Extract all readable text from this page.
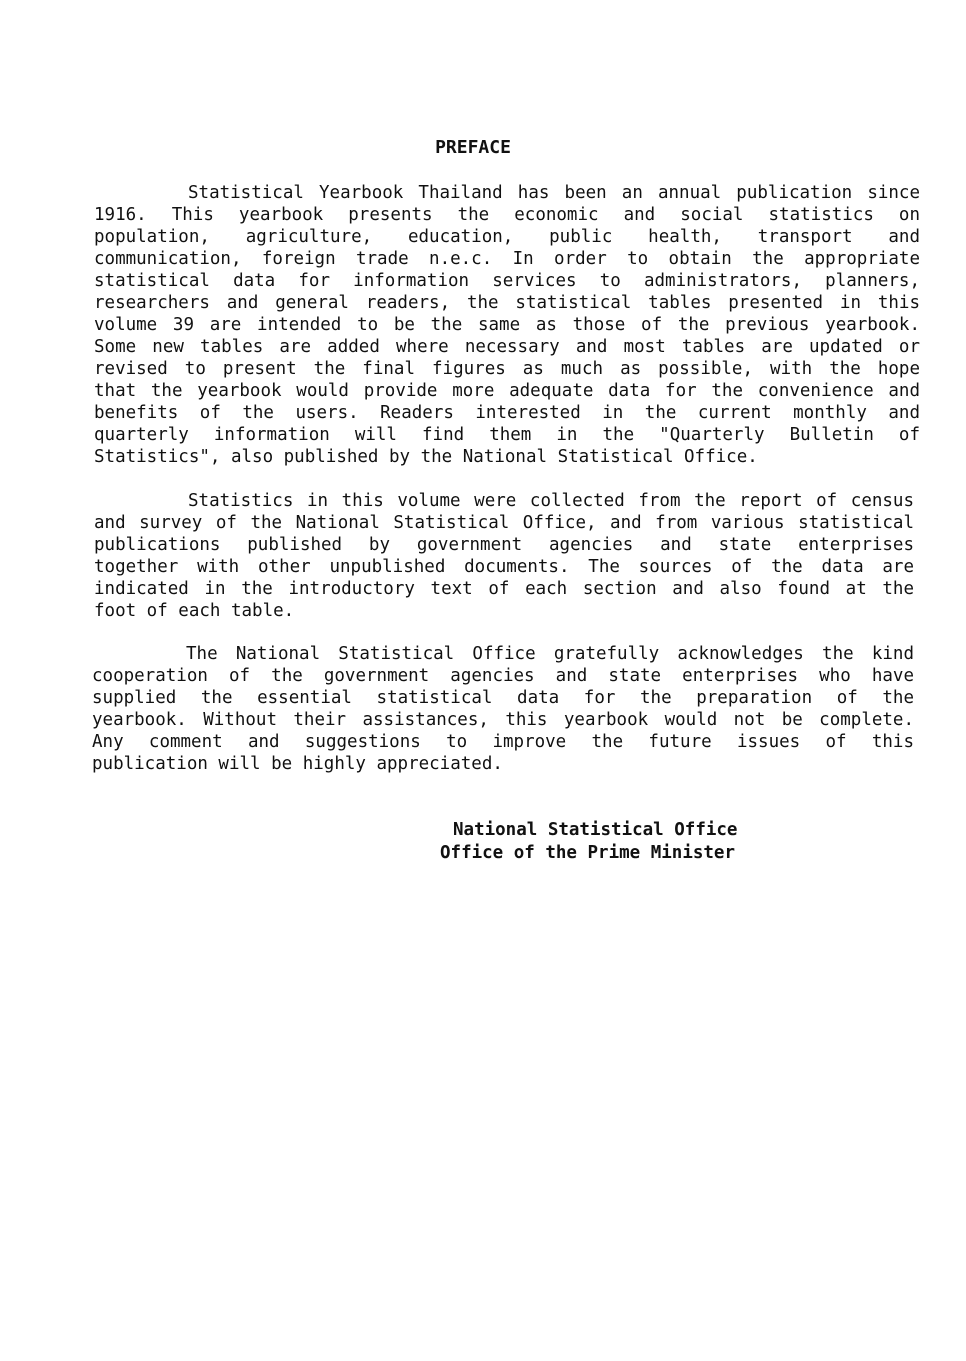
PREFACE
Statistical Yearbook Thailand has been an annual publication since
1916. This yearbook presents the economic and social statistics on
population, agriculture, education, public health, transport and
communication, foreign trade n.e.c. In order to obtain the appropriate
statistical data for information services to administrators, planners,
researchers and general readers, the statistical tables presented in this
volume 39 are intended to be the same as those of the previous yearbook.
Some new tables are added where necessary and most tables are updated or
revised to present the final figures as much as possible, with the hope
that the yearbook would provide more adequate data for the convenience and
benefits of the users. Readers interested in the current monthly and
quarterly information will find them in the "Quarterly Bulletin of
Statistics", also published by the National Statistical Office.
Statistics in this volume were collected from the report of census
and survey of the National Statistical Office, and from various statistical
publications published by government agencies and state enterprises
together with other unpublished documents. The sources of the data are
indicated in the introductory text of each section and also found at the
foot of each table.
The National Statistical Office gratefully acknowledges the kind
cooperation of the government agencies and state enterprises who have
supplied the essential statistical data for the preparation of the
yearbook. Without their assistances, this yearbook would not be complete.
Any comment and suggestions to improve the future issues of this
publication will be highly appreciated.
National Statistical Office
Office of the Prime Minister
